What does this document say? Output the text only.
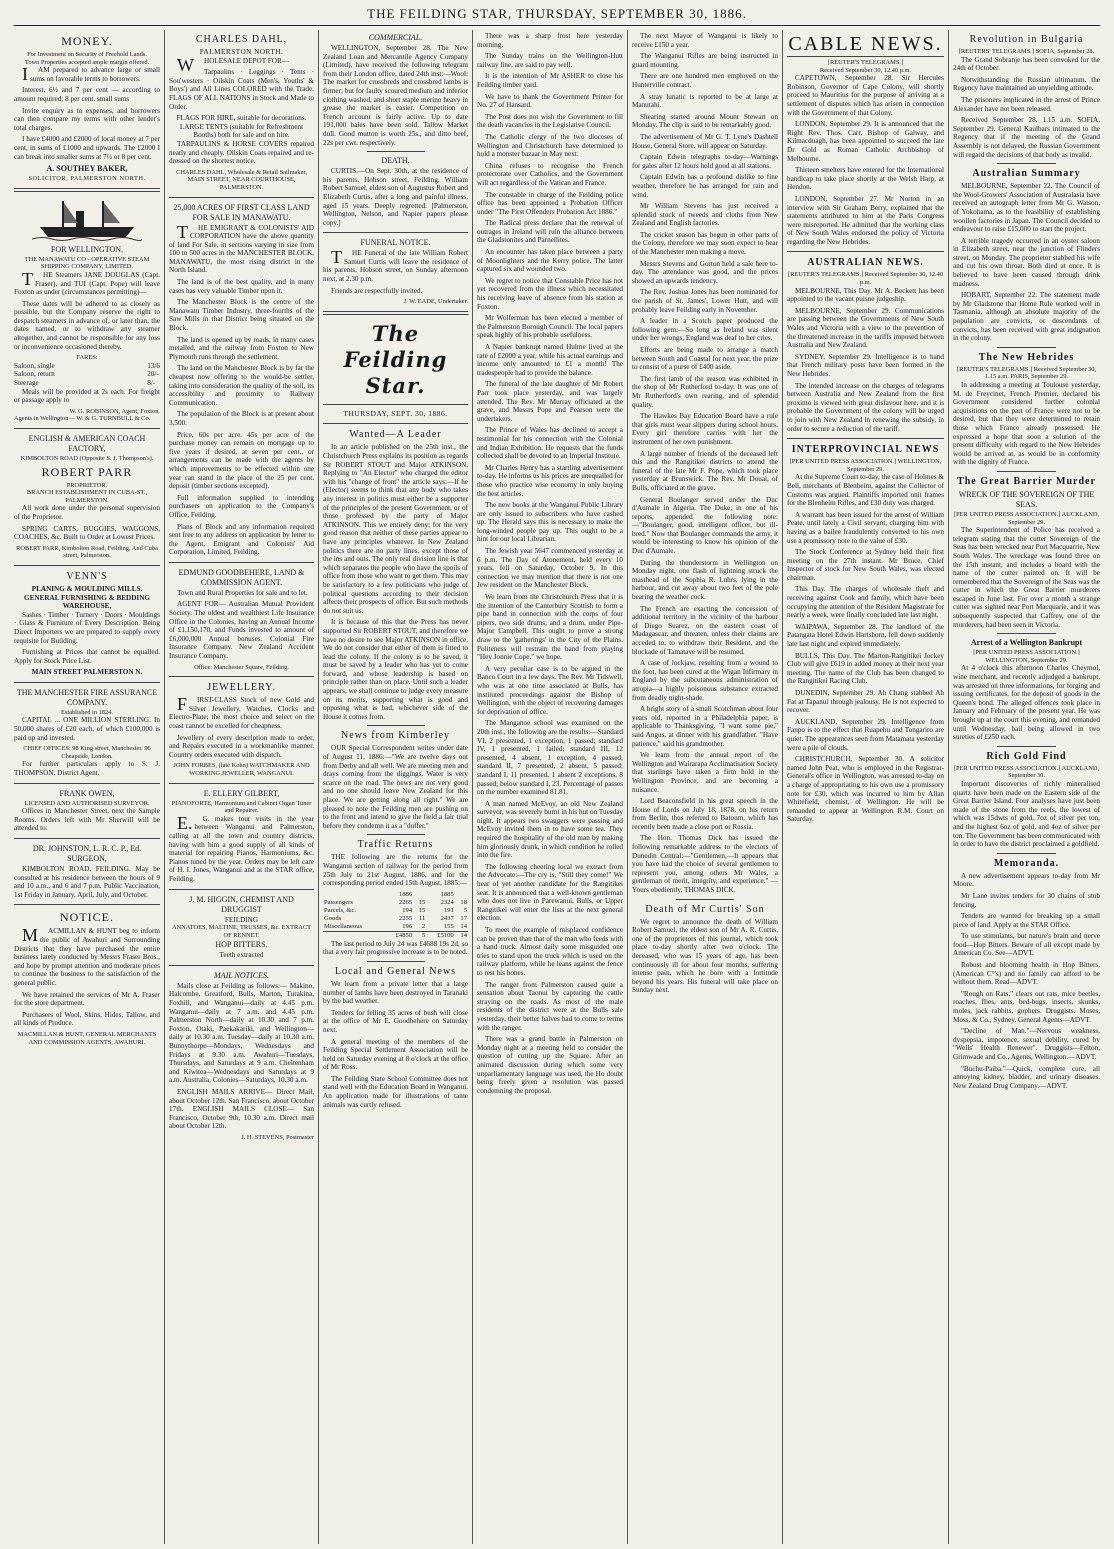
THE FEILDING STAR, THURSDAY, SEPTEMBER 30, 1886.
MONEY.
For Investment on Security of Freehold Lands.
Town Properties accepted ample margin offered.

IAM prepared to advance large or small sums on favorable terms to borrowers.

Interest, 6½ and 7 per cent — according to amount required; 8 per cent. small sums

Invite enquiry as to expenses, and borrowers can then compare my terms with other lender's total charges.

I have £4000 and £2000 of local money at 7 per cent, in sums of £1000 and upwards. The £2000 I can break into smaller sums at 7½ or 8 per cent.

A. SOUTHEY BAKER,
SOLICITOR, PALMERSTON NORTH.
FOR WELLINGTON.
THE MANAWATU CO - OPERATIVE STEAM SHIPPING COMPANY, LIMITED.

THE Steamers JANE DOUGLAS (Capt. Fraser), and TUI (Capt. Pope) will leave Foxton as under (circumstances permitting)—

These dates will be adhered to as closely as possible, but the Company reserve the right to despatch steamers in advance of, or later than, the dates named, or to withdraw any steamer altogether, and cannot be responsible for any loss or inconvenience occasioned thereby.

FARES:
Saloon, single	13/6
Saloon, return	20/-
Steerage	8/-

Meals will be provided at 2s each. For freight or passage apply to

W. G. ROBINSON, Agent, Foxton.
Agents in Wellington— W. & G. TURNBULL & Co.
ENGLISH & AMERICAN COACH FACTORY,
KIMBOLTON ROAD (Opposite S. J. Thompson's).
ROBERT PARR
PROPRIETOR.
BRANCH ESTABLISHMENT IN CUBA-ST., PALMERSTON.

All work done under the personal supervision of the Proprietor.

SPRING CARTS, BUGGIES, WAGGONS, COACHES, &c. Built to Order at Lowest Prices.

ROBERT PARR, Kimbolton Road, Feilding, And Cuba street, Palmerston.
VENN'S
PLANING & MOULDING MILLS. GENERAL FURNISHING & BEDDING WAREHOUSE,

Sashes · Timber · Turnery · Doors · Mouldings · Glass & Furniture of Every Description. Being Direct Importers we are prepared to supply every requisite for Building.

Furnishing at Prices that cannot be equalled. Apply for Stock Price List.

MAIN STREET PALMERSTON N.
THE MANCHESTER FIRE ASSURANCE COMPANY.
Established in 1824.

CAPITAL ... ONE MILLION STERLING. In 50,000 shares of £20 each, of which £100,000 is paid up and invested.

CHIEF OFFICES: 98 King street, Manchester. 96 Cheapside, London.

For further particulars apply to S. J. THOMPSON, District Agent.

FRANK OWEN,
LICENSED AND AUTHORISED SURVEYOR.

Offices in Manchester Street, next the Sample Rooms. Orders left with Mr Sherwill will be attended to.

DR. JOHNSTON, L. R. C. P., Ed. SURGEON,

KIMBOLTON ROAD, FEILDING. May be consulted at his residence between the hours of 9 and 10 a.m., and 6 and 7 p.m. Public Vaccination, 1st Friday in January, April, July, and October.

NOTICE.

MACMILLAN & HUNT beg to inform the public of Awahuri and Surrounding Districts that they have purchased the entire business lately conducted by Messrs Fraser Bros., and hope by prompt attention and moderate prices to continue the business to the satisfaction of the general public.

We have retained the services of Mr A. Fraser for the store department.

Purchasers of Wool, Skins, Hides, Tallow, and all kinds of Produce.

MACMILLAN & HUNT, GENERAL MERCHANTS AND COMMISSION AGENTS, AWAHURI.
CHARLES DAHL,
PALMERSTON NORTH.

WHOLESALE DEPOT FOR—

Tarpaulins · Leggings · Tents · Sou'westers · Oilskin Coats (Men's, Youths' & Boys') and All Lines COLORED with the Trade. FLAGS OF ALL NATIONS in Stock and Made to Order.

FLAGS FOR HIRE, suitable for decorations.
LARGE TENTS (suitable for Refreshment Booths) both for sale and on hire.

TARPAULINS & HORSE COVERS repaired neatly and cheaply. Oilskin Coats repaired and re-dressed on the shortest notice.

CHARLES DAHL, Wholesale & Retail Sailmaker, MAIN STREET, NEAR COURTHOUSE, PALMERSTON.
25,000 ACRES OF FIRST CLASS LAND FOR SALE IN MANAWATU.

THE EMIGRANT & COLONISTS' AID CORPORATION have the above quantity of land For Sale, in sections varying in size from 100 to 500 acres in the MANCHESTER BLOCK, MANAWATU, the most rising district in the North Island.

The land is of the best quality, and in many cases has very valuable Timber upon it.

The Manchester Block is the centre of the Manawatu Timber Industry, three-fourths of the Saw Mills in that District being situated on the Block.

The land is opened up by roads, in many cases metalled, and the railway from Foxton to New Plymouth runs through the settlement.

The land on the Manchester Block is by far the cheapest now offering to the would-be settler, taking into consideration the quality of the soil, its accessibility and proximity to Railway Communication.

The population of the Block is at present about 3,500.

Price, 60s per acre. 45s per acre of the purchase money can remain on mortgage up to five years if desired, at seven per cent., or arrangements can be made with the agents by which improvements to be effected within one year can stand in the place of the 25 per cent. deposit (timber sections excepted).

Full information supplied to intending purchasers on application to the Company's Office, Feilding.

Plans of Block and any information required sent free to any address on application by letter to the Agent, Emigrant and Colonists' Aid Corporation, Limited, Feilding.

EDMUND GOODBEHERE, LAND & COMMISSION AGENT.

Town and Rural Properties for sale and to let.

AGENT FOR— Australian Mutual Provident Society. The oldest and wealthiest Life Insurance Office in the Colonies, having an Annual Income of £1,150,170, and Funds invested to amount of £6,000,000 Annual bonuses. Colonial Fire Insurance Company. New Zealand Accident Insurance Company.

Office: Manchester Square, Feilding.
JEWELLERY.

FIRST-CLASS Stock of new Gold and Silver Jewellery, Watches, Clocks and Electro-Plate; the most choice and select on the coast cannot be excelled for cheapness.

Jewellery of every description made to order, and Repairs executed in a workmanlike manner. Country orders executed with dispatch.

JOHN FORBES, (late Kohn) WATCHMAKER AND WORKING JEWELLER, WANGANUI.
E. ELLERY GILBERT,
PIANOFORTE, Harmonium and Cabinet Organ Tuner and Repairer.

E.G. makes tour visits in the year between Wanganui and Palmerston, calling at all the town and country districts, having with him a good supply of all kinds of material for repairing Pianos, Harmoniums, &c. Pianos tuned by the year. Orders may be left care of H. I. Jones, Wanganui and at the STAR office, Feilding.

J. M. HIGGIN, CHEMIST AND DRUGGIST
FEILDING
ANNATOES, MALTINE, TRUSSES, &c. EXTRACT OF RENNET.
HOP BITTERS.
Teeth extracted
MAIL NOTICES.

Mails close at Feilding as follows:— Makino, Halcombe, Greatford, Bulls, Marton, Turakina, Foxhill, and Wanganui—daily at 4.45 p.m. Wanganui—daily at 7 a.m. and 4.45 p.m. Palmerston North—daily at 10.30 and 7 p.m. Foxton, Otaki, Paekakariki, and Wellington—daily at 10.30 a.m. Tuesday—daily at 10.30 a.m. Bunnythorpe—Mondays, Wednesdays and Fridays at 9.30 a.m. Awahuri—Tuesdays, Thursdays, and Saturdays at 9 a.m. Cheltenham and Kiwitea—Wednesdays and Saturdays at 9 a.m. Australia, Colonies—Saturdays, 10.30 a.m.

ENGLISH MAILS ARRIVE— Direct Mail, about October 12th. San Francisco, about October 17th. ENGLISH MAILS CLOSE— San Francisco, October 9th, 10.30 a.m. Direct mail about October 12th.

J. H. STEVENS, Postmaster
COMMERCIAL.

WELLINGTON, September 28. The New Zealand Loan and Mercantile Agency Company (Limited), have received the following telegram from their London office, dated 24th inst:—Wool: The market for crossbreds and crossbred lambs is firmer; but for faulty scoured medium and inferior clothing washed, and short staple merino heavy in grease the market is easier. Competition on French account is fairly active. Up to date 191,000 bales have been sold. Tallow Market dull. Good mutton is worth 25s., and ditto beef, 22s per cwt. respectively.

DEATH.

CURTIS.—On Sept. 30th, at the residence of his parents, Hobson street, Feilding, William Robert Samuel, eldest son of Augustus Robert and Elizabeth Curtis, after a long and painful illness, aged 15 years. Deeply regretted. [Palmerston, Wellington, Nelson, and Napier papers please copy.]

FUNERAL NOTICE.

THE Funeral of the late William Robert Samuel Curtis will leave the residence of his parents, Hobson street, on Sunday afternoon next, at 2.30 p.m.

Friends are respectfully invited.

J. W. EADE, Undertaker.
The Feilding Star.
THURSDAY, SEPT. 30, 1886.
Wanted—A Leader

In an article published on the 25th inst., the Christchurch Press explains its position as regards Sir ROBERT STOUT and Major ATKINSON. Replying to "An Elector" who charged the editor with his "change of front" the article says:—If he (Elector) seems to think that any body who takes any interest in politics must either be a supporter of the principles of the present Government, or of those professed by the party of Major ATKINSON. This we entirely deny; for the very good reason that neither of these parties appear to have any principles whatever. In New Zealand politics there are no party lines, except those of the ins and outs. The only real division line is that which separates the people who have the spoils of office from those who want to get them. This may be satisfactory to a few politicians who judge of political questions according to their decision affects their prospects of office. But such methods do not suit us.

It is because of this that the Press has never supported Sir ROBERT STOUT, and therefore we have no desire to see Major ATKINSON in office. We do not consider that either of them is fitted to lead the colony. If the colony is to be saved, it must be saved by a leader who has yet to come forward, and whose leadership is based on principle rather than on place. Until such a leader appears, we shall continue to judge every measure on its merits, supporting what is good and opposing what is bad, whichever side of the House it comes from.

News from Kimberley

OUR Special Correspondent writes under date of August 11, 1886:—"We are twelve days out from Derby and all well. We are meeting men and drays coming from the diggings. Water is very scarce on the road. The news are not very good and no one should leave New Zealand for this place. We are getting along all right." We are pleased to note the Feilding men are pushing on to the front and intend to give the field a fair trial before they condemn it as a "duffer."

Traffic Returns

THE following are the returns for the Wanganui section of railway for the period from 25th July to 21st August, 1886, and for the corresponding period ended 15th August, 1885:—

	1886		1885	
Passengers	2265	15	2324	18
Parcels, &c.	194	15	191	5
Goods	2255	11	2437	17
Miscellaneous	196	2	155	14
	£4850	5	£5100	14

The last period to July 24 was £4688 19s 2d, so that a very fair progressive increase is to be noted.

Local and General News

We learn from a private letter that a large number of lambs have been destroyed in Taranaki by the bad weather.

Tenders for felling 35 acres of bush will close at the office of Mr E. Goodbehere on Saturday next.

A general meeting of the members of the Feilding Special Settlement Association will be held on Saturday evening at 8 o'clock at the office of Mr Ross.

The Feilding State School Committee does not stand well with the Education Board in Wanganui. An application made for illustrations of tame animals was curtly refused.

There was a sharp frost here yesterday morning.

The Sunday trains on the Wellington-Hutt railway line, are said to pay well.

It is the intention of Mr ASHER to close his Feilding timber yard.

We have to thank the Government Printer for No. 27 of Hansard.

The Post does not wish the Government to fill the death vacancies in the Legislative Council.

The Catholic clergy of the two dioceses of Wellington and Christchurch have determined to hold a monster bazaar in May next.

China refuses to recognise the French protectorate over Catholics, and the Government will act regardless of the Vatican and France.

The constable in charge of the Feilding police office has been appointed a Probation Officer under "The First Offenders Probation Act 1886."

The Radical press declare that the renewal of outrages in Ireland will ruin the alliance between the Gladstonites and Parnellites.

An encounter has taken place between a party of Moonlighters and the Kerry police. The latter captured six and wounded two.

We regret to notice that Constable Price has not yet recovered from the illness which necessitated his receiving leave of absence from his station at Foxton.

Mr Wolferman has been elected a member of the Palmerston Borough Council. The local papers speak highly of his probable usefulness.

A Napier bankrupt named Hulme lived at the rate of £2000 a year, while his actual earnings and income only amounted to £1 a month! The tradespeople had to provide the balance.

The funeral of the late daughter of Mr Robert Parr took place yesterday, and was largely attended. The Rev. Mr Murray officiated at the grave, and Messrs Pope and Pearson were the undertakers.

The Prince of Wales has declined to accept a testimonial for his connection with the Colonial and Indian Exhibition. He requests that the funds collected shall be devoted to an Imperial Institute.

Mr Charles Henry has a startling advertisement to-day. He informs us his prices are unequalled for those who practice wise economy in only buying the best articles.

The new books at the Wanganui Public Library are only issued to subscribers who have cashed up. The Herald says this is necessary to make the long-winded people pay up. This ought to be a hint for our local Librarian.

The Jewish year 5647 commenced yesterday at 6 p.m. The Day of Atonement, held every 10 years, fell on Saturday, October 9. In this connection we may mention that there is not one Jew resident on the Manchester Block.

We learn from the Christchurch Press that it is the intention of the Canterbury Scottish to form a pipe band in connection with the corps of four pipers, two side drums, and a drum, under Pipe-Major Campbell. This ought to prove a strong draw to the 'gatherings' in the City of the Plains. Politeness will restrain the band from playing "Hey Jonnie Cope," we hope.

A very peculiar case is to be argued in the Banco Court in a few days. The Rev. Mr Tidswell, who was at one time associated at Bulls, has instituted proceedings against the Bishop of Wellington, with the object of recovering damages for deprivation of office.

The Manganoe school was examined on the 20th inst., the following are the results:—Standard VI, 2 presented, 1 exception, 1 passed; standard IV, 1 presented, 1 failed; standard III, 12 presented, 4 absent, 1 exception, 4 passed; standard II, 7 presented, 2 absent, 5 passed; standard I, 11 presented, 1 absent 2 exceptions, 8 passed; below standard I, 23. Percentage of passes on the number examined 81.81.

A man named McEvoy, an old New Zealand surveyor, was severely burnt in his hut on Tuesday night. It appears two swaggers were passing and McEvoy invited them in to have some tea. They required the hospitality of the old man by making him gloriously drunk, in which condition he rolled into the fire.

The following cheering local we extract from the Advocate:—The cry is, "Still they come!" We hear of yet another candidate for the Rangitikei seat. It is announced that a well-known gentleman who does not live in Parewanui, Bulls, or Upper Rangitikei will enter the lists at the next general election.

To meet the example of misplaced confidence can be proven than that of the man who feeds with a hand truck. Almost daily some misguided one tries to stand upon the truck which is used on the railway platform, while he leans against the fence to rest his bones.

The ranger from Palmerston caused quite a sensation about Taonui by capturing the cattle straying on the roads. As most of the male residents of the district were at the Bulls sale yesterday, their better halves had to come to terms with the ranger.

There was a grand battle in Palmerston on Monday night at a meeting held to consider the question of cutting up the Square. After an animated discussion during which some very unparliamentary language was used, the Ho doubt being freely given a resolution was passed condemning the proposal.

The next Mayor of Wanganui is likely to receive £150 a year.

The Wanganui Rifles are being instructed in guard mounting.

There are one hundred men employed on the Hunterville contract.

A stray lunatic is reported to be at large at Manutahi.

Shearing started around Mount Stewart on Monday. The clip is said to be remarkably good.

The advertisement of Mr G. T. Lyne's Dashtell House, General Store, will appear on Saturday.

Captain Edwin telegraphs to-day—Warnings for gales after 12 hours hold good at all stations.

Captain Edwin has a profound dislike to fine weather, therefore he has arranged for rain and wind.

Mr William Stevens has just received a splendid stock of tweeds and cloths from New Zealand and English factories.

The cricket season has begun in other parts of the Colony, therefore we may soon expect to hear of the Manchester men making a move.

Messrs Stevens and Gorton held a sale here to-day. The attendance was good, and the prices showed an upwards tendency.

The Rev. Joshua Jones has been nominated for the parish of St. James', Lower Hutt, and will probably leave Feilding early in November.

A leader in a Scotch paper produced the following gem:—So long as Ireland was silent under her wrongs, England was deaf to her cries.

Efforts are being made to arrange a match between South and Coastal for next year, the prize to consist of a purse of £400 aside.

The first lamb of the season was exhibited in the shop of Mr Rutherford to-day. It was one of Mr Rutherford's own rearing, and of splendid quality.

The Hawkes Bay Education Board have a rule that girls must wear slippers during school hours. Every girl therefore carries with her the instrument of her own punishment.

A large number of friends of the deceased left this and the Rangitikei districts to attend the funeral of the late Mr F. Pope, which took place yesterday at Brunswick. The Rev. Mr Doual, of Bulls, officiated at the grave.

General Boulanger served under the Duc d'Aumale in Algeria. The Duke, in one of his reports, appended the following note:—"Boulanger, good, intelligent officer, but ill-bred." Now that Boulanger commands the army, it would be interesting to know his opinion of the Duc d'Aumale.

During the thunderstorm in Wellington on Monday night, one flash of lightning struck the masthead of the Sophia R. Luhrs, lying in the harbour, and cut away about two feet of the pole bearing the weather cock.

The French are exacting the concession of additional territory in the vicinity of the harbour of Diego Suarez, on the eastern coast of Madagascar, and threaten, unless their claims are acceded to, to withdraw their Resident, and the blockade of Tamatave will be resumed.

A case of lockjaw, resulting from a wound to the foot, has been cured at the Wigan Infirmary in England by the subcutaneous administration of atropia—a highly poisonous substance extracted from deadly night-shade.

A bright story of a small Scotchman about four years old, reported in a Philadelphia paper, is applicable to Thanksgiving. "I want some pie," said Angus, at dinner with his grandfather. "Have patience," said his grandmother.

We learn from the annual report of the Wellington and Wairarapa Acclimatisation Society that starlings have taken a firm hold in the Wellington Province, and are becoming a nuisance.

Lord Beaconsfield in his great speech in the House of Lords on July 18, 1878, on his return from Berlin, thus referred to Batoum, which has recently been made a close port or Russia.

The Hon. Thomas Dick has issued the following remarkable address to the electors of Dunedin Central:—"Gentlemen,—It appears that you have had the choice of several gentlemen to represent you, among others Mr Wales, a gentleman of merit, integrity, and experience." —Yours obediently, THOMAS DICK.

Death of Mr Curtis' Son

We regret to announce the death of William Robert Samuel, the eldest son of Mr A. R. Curtis, one of the proprietors of this journal, which took place to-day shortly after two o'clock. The deceased, who was 15 years of age, has been continuously ill for about four months, suffering intense pain, which he bore with a fortitude beyond his years. His funeral will take place on Sunday next.

CABLE NEWS.
[REUTER'S TELEGRAMS.]
Received September 30, 12.40 p.m.

CAPETOWN, September 28. Sir Hercules Robinson, Governor of Cape Colony, will shortly proceed to Mauritius for the purpose of arriving at a settlement of disputes which has arisen in connection with the Government of that Colony.

LONDON, September 29. It is announced that the Right Rev. Thos. Carr, Bishop of Galway, and Kilmacduagh, has been appointed to succeed the late Dr Gold as Roman Catholic Archbishop of Melbourne.

Thirteen smelters have entered for the International handicap to take place shortly at the Welsh Harp, at Hendon.

LONDON, September 27. Mr Norton in an interview with Sir Graham Berry, explained that the statements attributed to him at the Paris Congress were misreported. He admitted that the working class of New South Wales endorsed the policy of Victoria regarding the New Hebrides.

AUSTRALIAN NEWS.
[REUTER'S TELEGRAMS.] Received September 30, 12.40 p.m.

MELBOURNE, This Day. Mr A. Beckett has been appointed to the vacant puisne judgeship.

MELBOURNE, September 29. Communications are passing between the Governments of New South Wales and Victoria with a view to the prevention of the threatened increase in the tariffs imposed between Australia and New Zealand.

SYDNEY, September 29. Intelligence is to hand that French military posts have been formed in the New Hebrides.

The intended increase on the charges of telegrams between Australia and New Zealand from the first proximo is viewed with great disfavour here, and it is probable the Government of the colony will be urged to join with New Zealand in renewing the subsidy, in order to secure a reduction of the tariff.

INTERPROVINCIAL NEWS
[PER UNITED PRESS ASSOCIATION.] WELLINGTON, September 29.

At the Supreme Court to-day, the case of Holmes & Bell, merchants of Blenheim, against the Collector of Customs was argued. Plaintiffs imported unit frames for the Blenheim Rifles, and £30 duty was charged.

A warrant has been issued for the arrest of William Peate, until lately a Civil servant, charging him with having as a bailee fraudulently converted to his own use a promissory note to the value of £30.

The Stock Conference at Sydney held their first meeting on the 27th instant. Mr Bruce, Chief Inspector of stock for New South Wales, was elected chairman.

This Day. The charges of wholesale theft and receiving against Cook and family, which have been occupying the attention of the Resident Magistrate for nearly a week, were finally concluded late last night.

WAIPAWA, September 28. The landlord of the Patangata Hotel Edwin Hartshorn, fell down suddenly late last night and expired immediately.

BULLS, This Day. The Marton-Rangitikei Jockey Club will give £619 in added money at their next year meeting. The name of the Club has been changed to the Rangitikei Racing Club.

DUNEDIN, September 29. Ah Chang stabbed Ah Fat at Tapanui through jealousy. He is not expected to recover.

AUCKLAND, September 29. Intelligence from Fanpo is to the effect that Ruapehu and Tongariro are quiet. The appearances seen from Matamata yesterday were a pile of clouds.

CHRISTCHURCH, September 30. A solicitor named John Peat, who is employed in the Registrar-General's office in Wellington, was arrested to-day on a charge of appropriating to his own use a promissory note for £30, which was incurred to him by Allan Whitefield, chemist, of Wellington. He will be remanded to appear at Wellington R.M. Court on Saturday.

Revolution in Bulgaria
[REUTERS' TELEGRAMS.] SOFIA, September 28.

The Grand Sobranje has been convoked for the 24th of October.

Notwithstanding the Russian ultimatum, the Regency have maintained an unyielding attitude.

The prisoners implicated in the arrest of Prince Alexander have not been released.

Received September 28, 1.15 a.m. SOFIA, September 29. General Kaulbars intimated to the Regency that if the meeting of the Grand Assembly is not delayed, the Russian Government will regard the decisions of that body as invalid.

Australian Summary

MELBOURNE, September 22. The Council of the Wool-Growers' Association of Australasia have received an autograph letter from Mr G. Watson, of Yokohama, as to the feasibility of establishing woollen factories in Japan. The Council decided to endeavour to raise £15,000 to start the project.

A terrible tragedy occurred in an oyster saloon in Elizabeth street, near the junction of Flinders street, on Monday. The proprietor stabbed his wife and cut his own throat. Both died at once. It is believed to have been caused through drink madness.

HOBART, September 22. The statement made by Mr Gladstone that Home Rule worked well in Tasmania, although an absolute majority of the population are convicts, or descendants of convicts, has been received with great indignation in the colony.

The New Hebrides
[REUTER'S TELEGRAMS.] Received September 30, 1.15 a.m. PARIS, September 29.

In addressing a meeting at Toulouse yesterday, M. de Freycinet, French Premier, declared his Government considered further colonial acquisitions on the part of France were not to be desired, but that they were determined to retain those which France already possessed. He expressed a hope that soon a solution of the present difficulty with regard to the New Hebrides would be arrived at, as would be in conformity with the dignity of France.

The Great Barrier Murder
WRECK OF THE SOVEREIGN OF THE SEAS.
[PER UNITED PRESS ASSOCIATION.] AUCKLAND, September 29.

The Superintendent of Police has received a telegram stating that the cutter Sovereign of the Seas has been wrecked near Port Macquarrie, New South Wales. The wreckage was found three on the 15th instant, and includes a board with the name of the cutter painted on. It will be remembered that the Sovereign of the Seas was the cutter in which the Great Barrier murderers escaped in June last. For over a month a strange cutter was sighted near Port Macquarie, and it was subsequently suspected that Caffrey, one of the murderers, had been seen in Victoria.

Arrest of a Wellington Bankrupt
[PER UNITED PRESS ASSOCIATION.] WELLINGTON, September 29.

At 4 o'clock this afternoon Charles Cheymol, wine merchant, and recently adjudged a bankrupt, was arrested on three informations, for forging and issuing certificates, for the deposit of goods in the Queen's bond. The alleged offences took place in January and February of the present year. He was brought up at the court this evening, and remanded until Wednesday, bail being allowed in two sureties of £250 each.

Rich Gold Find
[PER UNITED PRESS ASSOCIATION.] AUCKLAND, September 30.

Important discoveries of richly mineralised quartz have been made on the Eastern side of the Great Barrier Island. Four analyses have just been made of the stone from the reefs, the lowest of which was 15dwts of gold, 7oz of silver per ton, and the highest 6oz of gold, and 4oz of silver per ton. The Government has been communicated with in order to have the district proclaimed a goldfield.

Memoranda.

A new advertisement appears to-day from Mr Moore.

Mr Lane invites tenders for 30 chains of stub fencing.

Tenders are wanted for breaking up a small piece of land. Apply at the STAR Office.

To use stimulants, but nature's brain and nerve food—Hop Bitters. Beware of all except made by American Co. See—ADVT.

Robust and blooming health in Hop Bitters, (American C°'s) and no family can afford to be without them. Read—ADVT.

"Rough on Rats," clears out rats, mice beetles, roaches, flies, ants, bed-bugs, insects, skunks, moles, jack rabbits, gophers. Druggists. Moses, Moss, & Co., Sydney, General Agents—ADVT.

"Decline of Man."—Nervous weakness, dyspepsia, impotence, sexual debility, cured by "Wells' Health Renewer". Druggists—Felton, Grimwade and Co., Agents, Wellington.—ADVT.

"Buchu-Paiba."—Quick, complete cure, all annoying kidney, bladder, and urinary diseases. New Zealand Drug Company.—ADVT.
